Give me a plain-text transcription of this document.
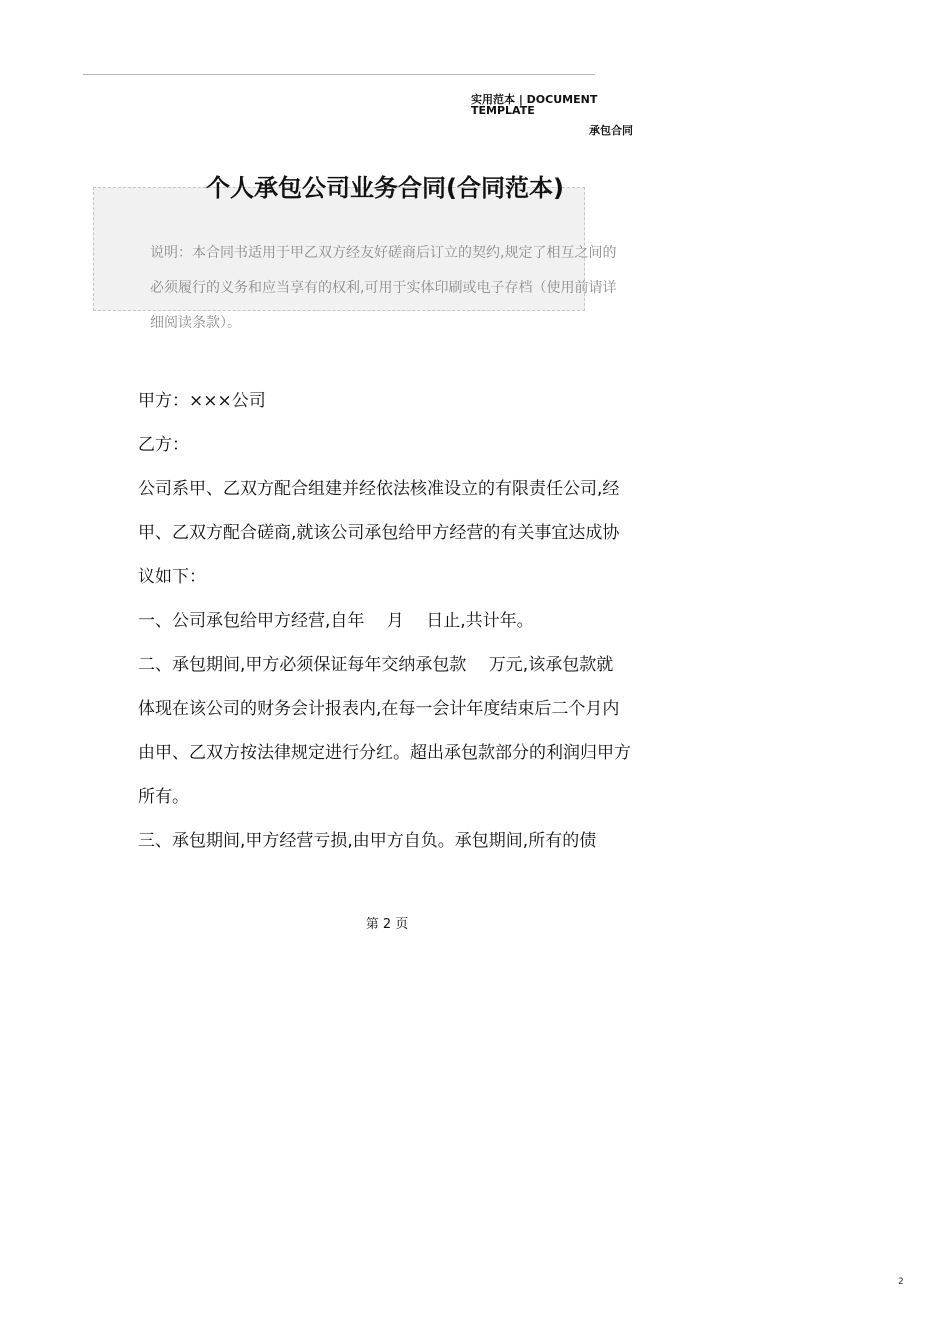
实用范本 | DOCUMENT TEMPLATE
承包合同
个人承包公司业务合同(合同范本)
说明：本合同书适用于甲乙双方经友好磋商后订立的契约,规定了相互之间的必须履行的义务和应当享有的权利,可用于实体印刷或电子存档（使用前请详细阅读条款）。

甲方：×××公司

乙方：

公司系甲、乙双方配合组建并经依法核准设立的有限责任公司,经

甲、乙双方配合磋商,就该公司承包给甲方经营的有关事宜达成协

议如下：

一、公司承包给甲方经营,自年　 月　 日止,共计年。

二、承包期间,甲方必须保证每年交纳承包款　 万元,该承包款就

体现在该公司的财务会计报表内,在每一会计年度结束后二个月内

由甲、乙双方按法律规定进行分红。超出承包款部分的利润归甲方

所有。

三、承包期间,甲方经营亏损,由甲方自负。承包期间,所有的债

第 2 页
2
